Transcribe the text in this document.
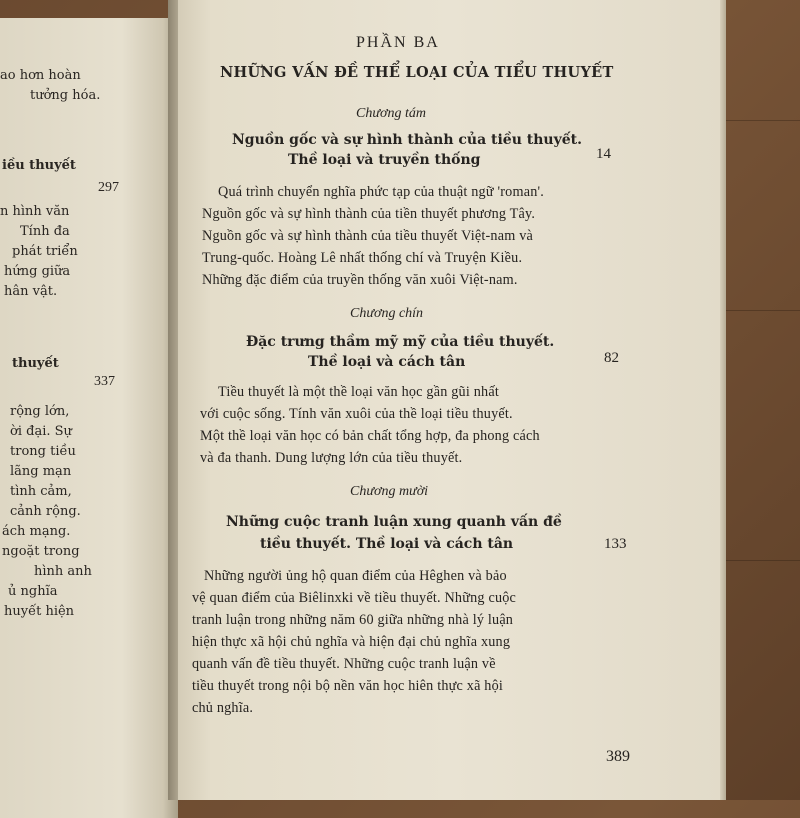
ao hơn hoàn
tưởng hóa.
iều thuyết
297
n hình văn
Tính đa
phát triển
hứng giữa
hân vật.
thuyết
337
rộng lớn,
ời đại. Sự
trong tiều
lãng mạn
tình cảm,
cảnh rộng.
ách mạng.
ngoặt trong
hình anh
ủ nghĩa
huyết hiện
PHẦN BA
NHỮNG VẤN ĐỀ THỂ LOẠI CỦA TIỂU THUYẾT
Chương tám
Nguồn gốc và sự hình thành của tiều thuyết.
Thề loại và truyền thống	14
Quá trình chuyển nghĩa phức tạp của thuật ngữ 'roman'.
Nguồn gốc và sự hình thành của tiền thuyết phương Tây.
Nguồn gốc và sự hình thành của tiều thuyết Việt-nam và
Trung-quốc. Hoàng Lê nhất thống chí và Truyện Kiều.
Những đặc điểm của truyền thống văn xuôi Việt-nam.
Chương chín
Đặc trưng thầm mỹ mỹ của tiều thuyết.
Thề loại và cách tân	82
Tiều thuyết là một thề loại văn học gần gũi nhất
với cuộc sống. Tính văn xuôi của thề loại tiều thuyết.
Một thề loại văn học có bản chất tổng hợp, đa phong cách
và đa thanh. Dung lượng lớn của tiều thuyết.
Chương mười
Những cuộc tranh luận xung quanh vấn đề
tiều thuyết. Thề loại và cách tân	133
Những người ủng hộ quan điểm của Hêghen và bảo
vệ quan điểm của Biêlinxki về tiều thuyết. Những cuộc
tranh luận trong những năm 60 giữa những nhà lý luận
hiện thực xã hội chủ nghĩa và hiện đại chủ nghĩa xung
quanh vấn đề tiều thuyết. Những cuộc tranh luận về
tiều thuyết trong nội bộ nền văn học hiên thực xã hội
chủ nghĩa.
389
